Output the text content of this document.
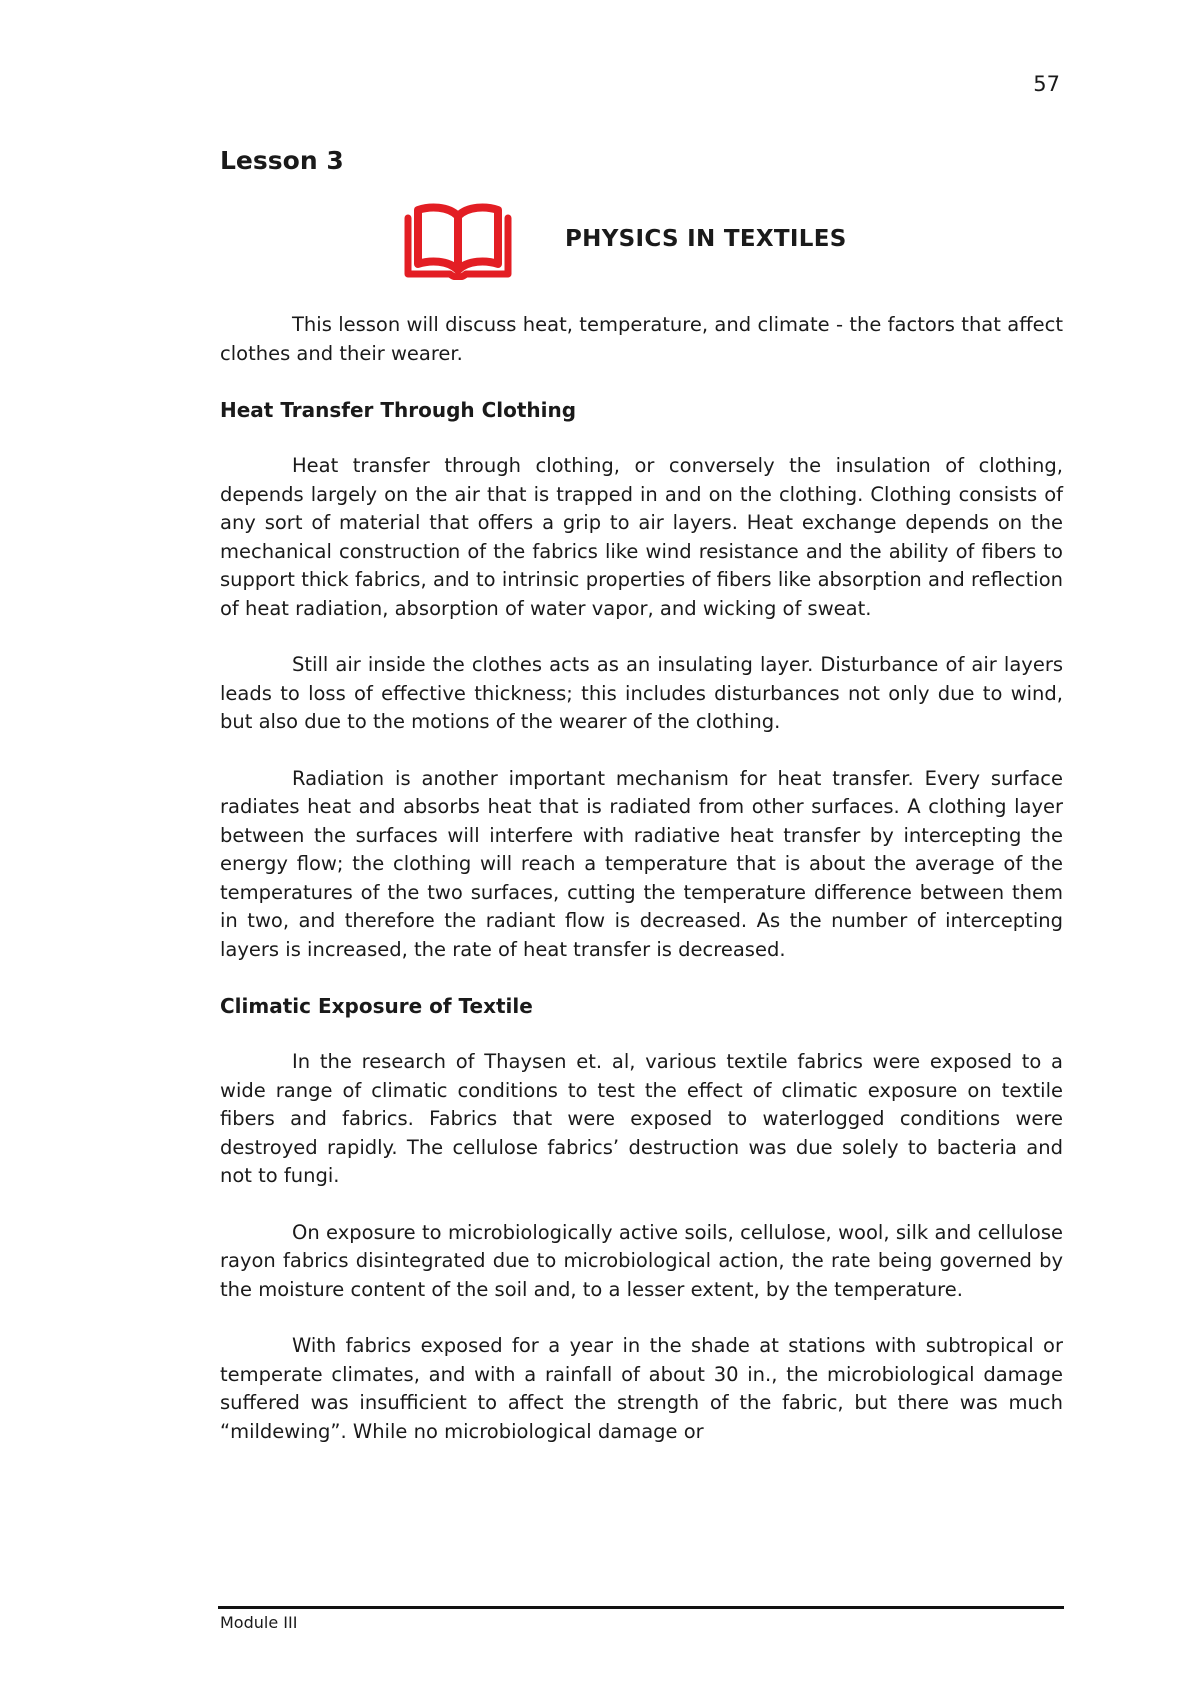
57
Lesson 3
PHYSICS IN TEXTILES

This lesson will discuss heat, temperature, and climate - the factors that affect clothes and their wearer.

Heat Transfer Through Clothing

Heat transfer through clothing, or conversely the insulation of clothing, depends largely on the air that is trapped in and on the clothing. Clothing consists of any sort of material that offers a grip to air layers. Heat exchange depends on the mechanical construction of the fabrics like wind resistance and the ability of fibers to support thick fabrics, and to intrinsic properties of fibers like absorption and reflection of heat radiation, absorption of water vapor, and wicking of sweat.

Still air inside the clothes acts as an insulating layer. Disturbance of air layers leads to loss of effective thickness; this includes disturbances not only due to wind, but also due to the motions of the wearer of the clothing.

Radiation is another important mechanism for heat transfer. Every surface radiates heat and absorbs heat that is radiated from other surfaces. A clothing layer between the surfaces will interfere with radiative heat transfer by intercepting the energy flow; the clothing will reach a temperature that is about the average of the temperatures of the two surfaces, cutting the temperature difference between them in two, and therefore the radiant flow is decreased. As the number of intercepting layers is increased, the rate of heat transfer is decreased.

Climatic Exposure of Textile

In the research of Thaysen et. al, various textile fabrics were exposed to a wide range of climatic conditions to test the effect of climatic exposure on textile fibers and fabrics. Fabrics that were exposed to waterlogged conditions were destroyed rapidly. The cellulose fabrics’ destruction was due solely to bacteria and not to fungi.

On exposure to microbiologically active soils, cellulose, wool, silk and cellulose rayon fabrics disintegrated due to microbiological action, the rate being governed by the moisture content of the soil and, to a lesser extent, by the temperature.

With fabrics exposed for a year in the shade at stations with subtropical or temperate climates, and with a rainfall of about 30 in., the microbiological damage suffered was insufficient to affect the strength of the fabric, but there was much “mildewing”. While no microbiological damage or

Module III
